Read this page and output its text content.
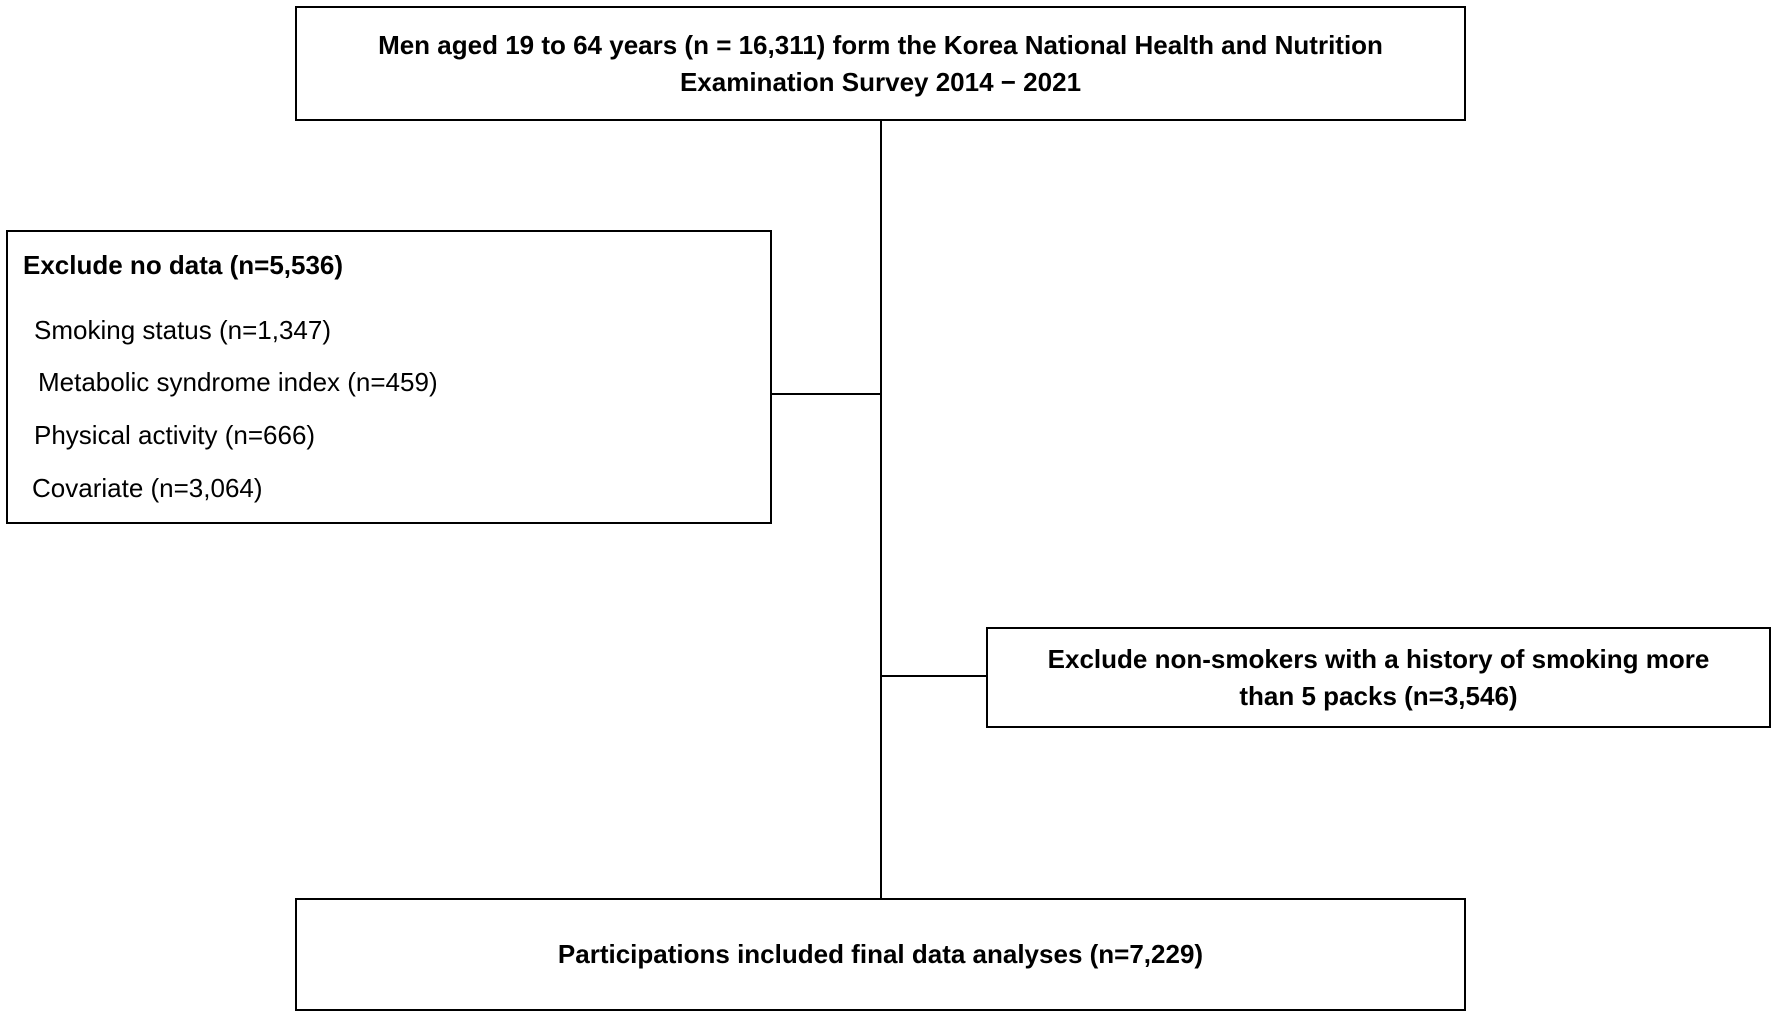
Men aged 19 to 64 years (n = 16,311) form the Korea National Health and Nutrition
Examination Survey 2014 − 2021
Exclude no data (n=5,536)
Smoking status (n=1,347)
Metabolic syndrome index (n=459)
Physical activity (n=666)
Covariate (n=3,064)
Exclude non-smokers with a history of smoking more
than 5 packs (n=3,546)
Participations included final data analyses (n=7,229)
